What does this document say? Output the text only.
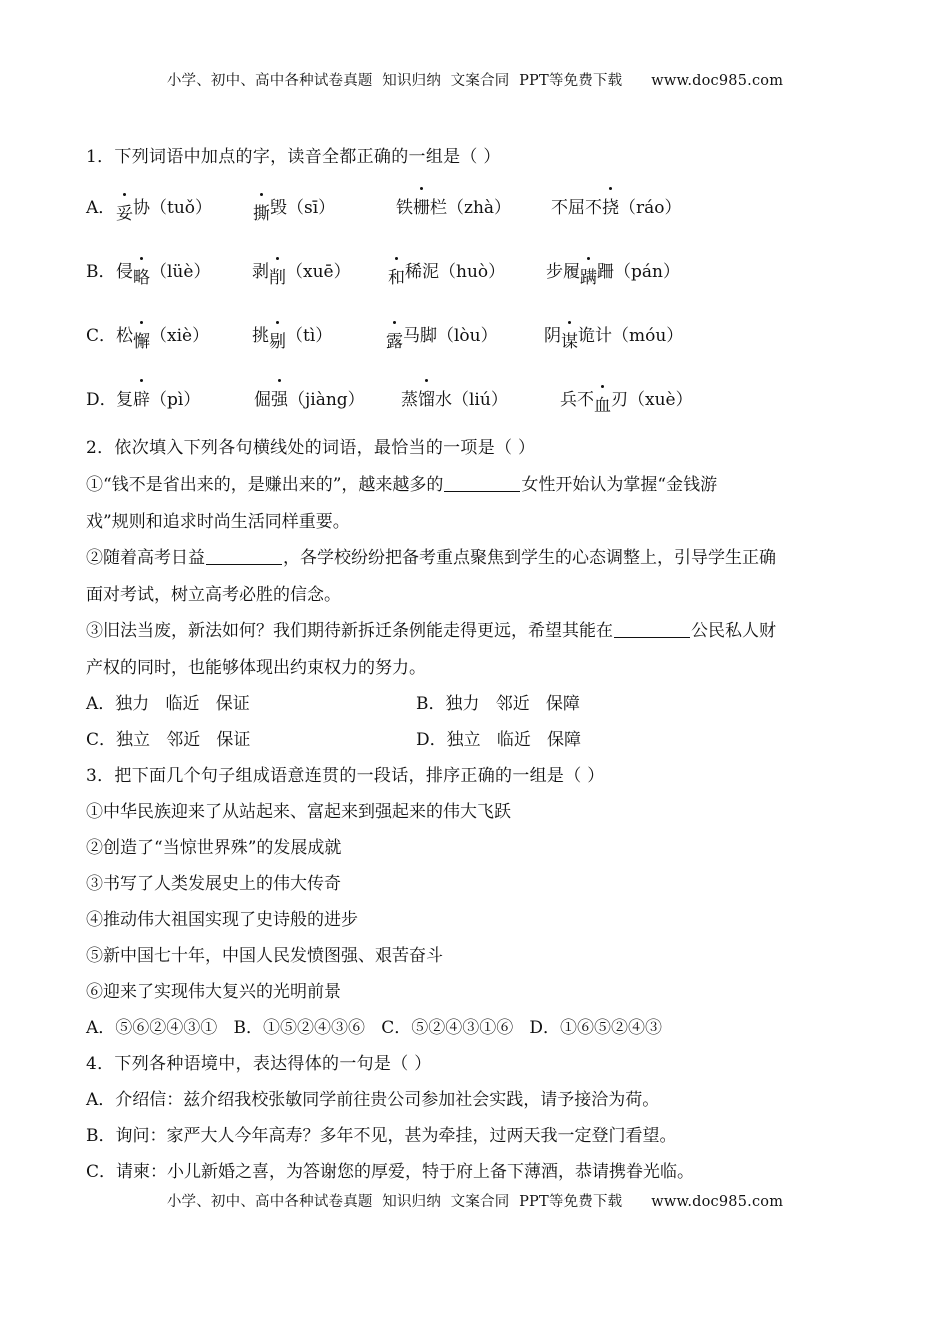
小学、初中、高中各种试卷真题  知识归纳  文案合同  PPT等免费下载      www.doc985.com
1．下列词语中加点的字，读音全都正确的一组是（ ）
A． 妥协（tuǒ） 撕毁（sī）	铁栅栏（zhà） 不屈不挠（ráo）
B． 侵略（lüè） 剥削（xuē） 和稀泥（huò） 步履蹒跚（pán）
C． 松懈（xiè）	挑剔（tì）	露马脚（lòu）	阴谋诡计（móu）
D． 复辟（pì）	倔强（jiàng） 蒸馏水（liú）	兵不血刃（xuè）
2．依次填入下列各句横线处的词语，最恰当的一项是（ ）
①“钱不是省出来的，是赚出来的”，越来越多的	女性开始认为掌握“金钱游
戏”规则和追求时尚生活同样重要。
②随着高考日益	，各学校纷纷把备考重点聚焦到学生的心态调整上，引导学生正确
面对考试，树立高考必胜的信念。
③旧法当废，新法如何？我们期待新拆迁条例能走得更远，希望其能在	公民私人财
产权的同时，也能够体现出约束权力的努力。
A．独力   临近   保证	B．独力   邻近   保障
C．独立   邻近   保证	D．独立   临近   保障
3．把下面几个句子组成语意连贯的一段话，排序正确的一组是（ ）
①中华民族迎来了从站起来、富起来到强起来的伟大飞跃
②创造了“当惊世界殊”的发展成就
③书写了人类发展史上的伟大传奇
④推动伟大祖国实现了史诗般的进步
⑤新中国七十年，中国人民发愤图强、艰苦奋斗
⑥迎来了实现伟大复兴的光明前景
A．⑤⑥②④③①   B．①⑤②④③⑥   C．⑤②④③①⑥   D．①⑥⑤②④③
4．下列各种语境中，表达得体的一句是（ ）
A．介绍信：兹介绍我校张敏同学前往贵公司参加社会实践，请予接洽为荷。
B．询问：家严大人今年高寿？多年不见，甚为牵挂，过两天我一定登门看望。
C．请柬：小儿新婚之喜，为答谢您的厚爱，特于府上备下薄酒，恭请携眷光临。
小学、初中、高中各种试卷真题  知识归纳  文案合同  PPT等免费下载      www.doc985.com
